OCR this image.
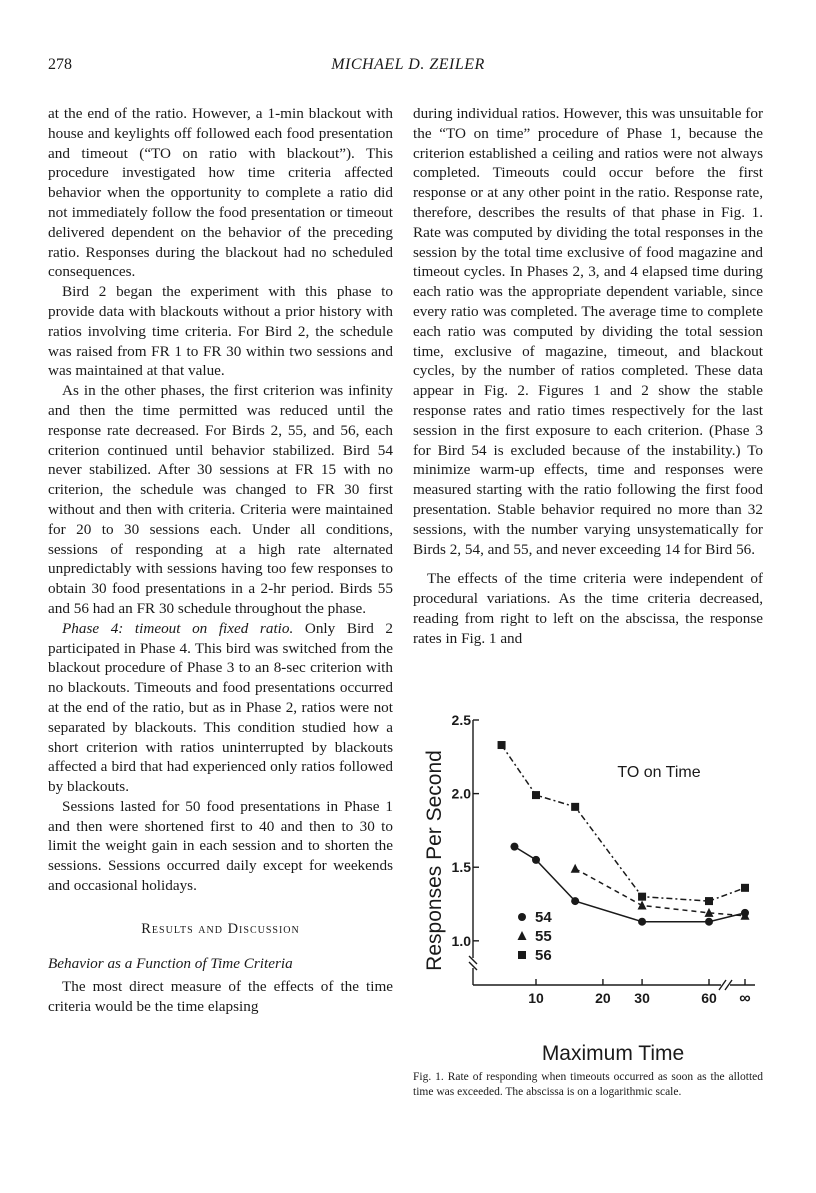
MICHAEL D. ZEILER
278

at the end of the ratio. However, a 1-min blackout with house and keylights off followed each food presentation and timeout (“TO on ratio with blackout”). This procedure investigated how time criteria affected behavior when the opportunity to complete a ratio did not immediately follow the food presentation or timeout delivered dependent on the behavior of the preceding ratio. Responses during the blackout had no scheduled consequences.

Bird 2 began the experiment with this phase to provide data with blackouts without a prior history with ratios involving time criteria. For Bird 2, the schedule was raised from FR 1 to FR 30 within two sessions and was maintained at that value.

As in the other phases, the first criterion was infinity and then the time permitted was reduced until the response rate decreased. For Birds 2, 55, and 56, each criterion continued until behavior stabilized. Bird 54 never stabilized. After 30 sessions at FR 15 with no criterion, the schedule was changed to FR 30 first without and then with criteria. Criteria were maintained for 20 to 30 sessions each. Under all conditions, sessions of responding at a high rate alternated unpredictably with sessions having too few responses to obtain 30 food presentations in a 2-hr period. Birds 55 and 56 had an FR 30 schedule throughout the phase.

Phase 4: timeout on fixed ratio. Only Bird 2 participated in Phase 4. This bird was switched from the blackout procedure of Phase 3 to an 8-sec criterion with no blackouts. Timeouts and food presentations occurred at the end of the ratio, but as in Phase 2, ratios were not separated by blackouts. This condition studied how a short criterion with ratios uninterrupted by blackouts affected a bird that had experienced only ratios followed by blackouts.

Sessions lasted for 50 food presentations in Phase 1 and then were shortened first to 40 and then to 30 to limit the weight gain in each session and to shorten the sessions. Sessions occurred daily except for weekends and occasional holidays.

Results and Discussion
Behavior as a Function of Time Criteria

The most direct measure of the effects of the time criteria would be the time elapsing

during individual ratios. However, this was unsuitable for the “TO on time” procedure of Phase 1, because the criterion established a ceiling and ratios were not always completed. Timeouts could occur before the first response or at any other point in the ratio. Response rate, therefore, describes the results of that phase in Fig. 1. Rate was computed by dividing the total responses in the session by the total time exclusive of food magazine and timeout cycles. In Phases 2, 3, and 4 elapsed time during each ratio was the appropriate dependent variable, since every ratio was completed. The average time to complete each ratio was computed by dividing the total session time, exclusive of magazine, timeout, and blackout cycles, by the number of ratios completed. These data appear in Fig. 2. Figures 1 and 2 show the stable response rates and ratio times respectively for the last session in the first exposure to each criterion. (Phase 3 for Bird 54 is excluded because of the instability.) To minimize warm-up effects, time and responses were measured starting with the ratio following the first food presentation. Stable behavior required no more than 32 sessions, with the number varying unsystematically for Birds 2, 54, and 55, and never exceeding 14 for Bird 56.

The effects of the time criteria were independent of procedural variations. As the time criteria decreased, reading from right to left on the abscissa, the response rates in Fig. 1 and

1.0
1.5
2.0
2.5
10	20 30	60 ∞
Responses Per Second
Maximum Time
TO on Time
54
55
56
Fig. 1. Rate of responding when timeouts occurred as soon as the allotted time was exceeded. The abscissa is on a logarithmic scale.
